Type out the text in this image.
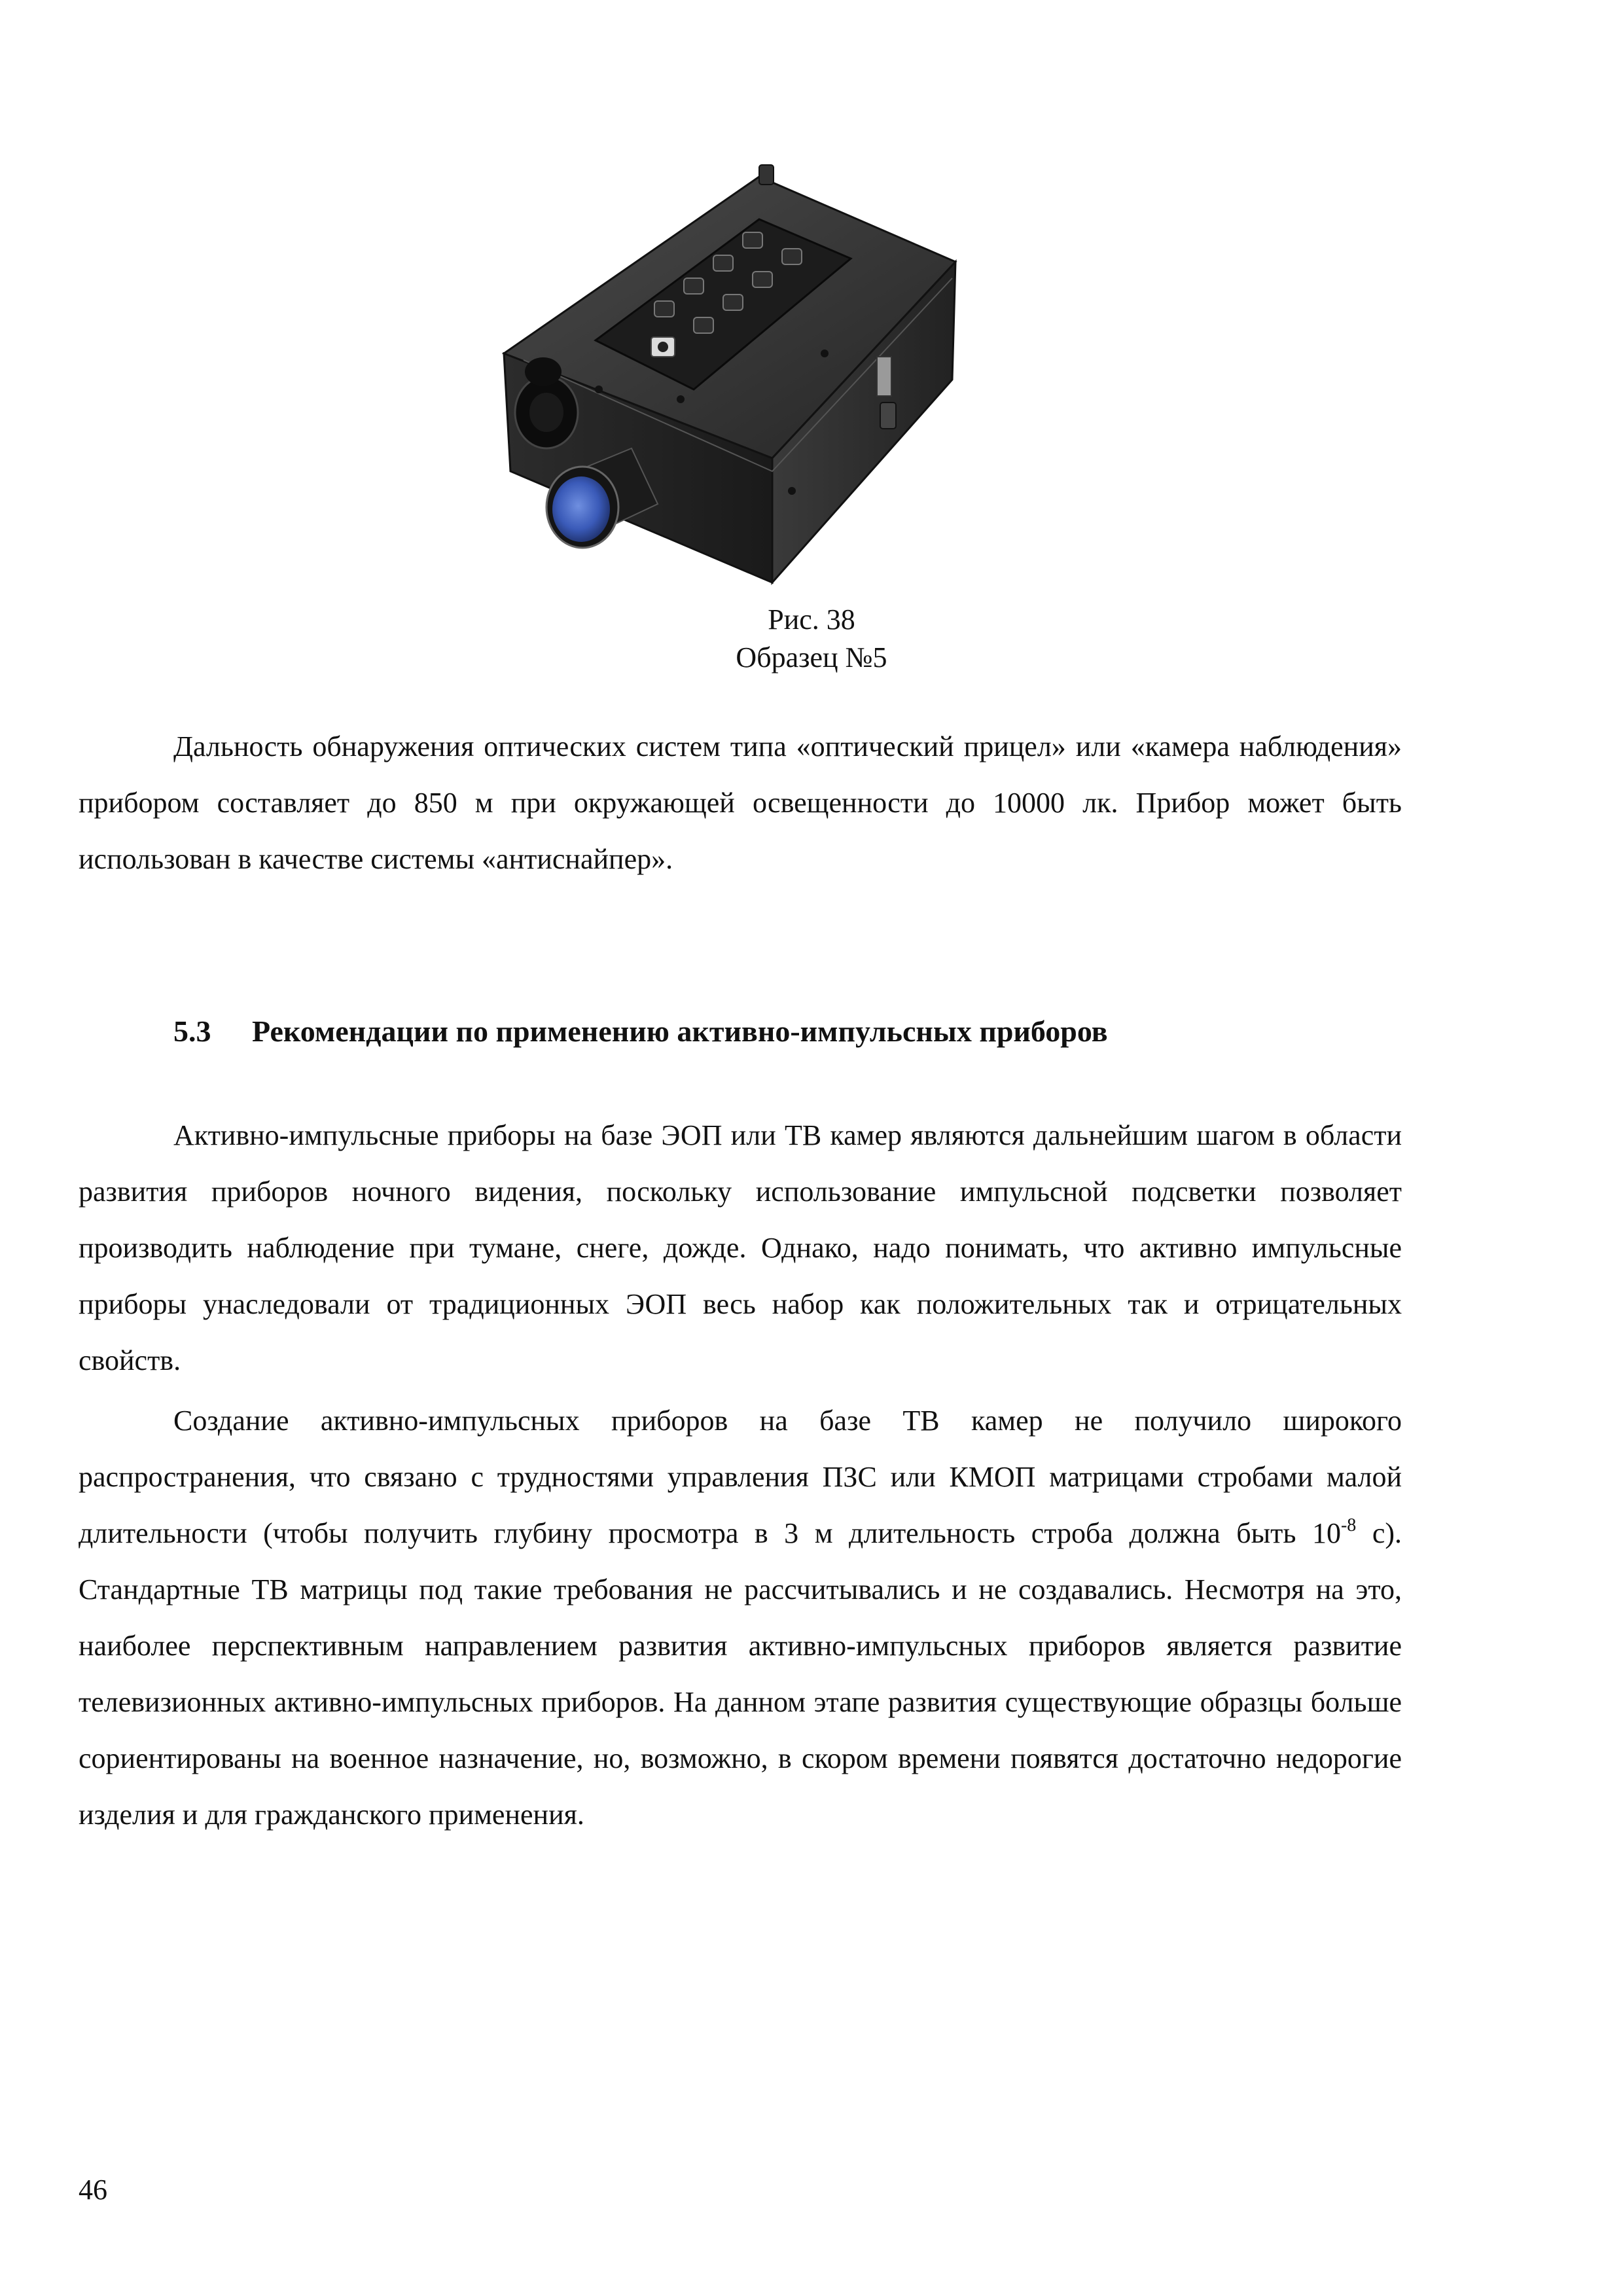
Рис. 38
Образец №5

Дальность обнаружения оптических систем типа «оптический прицел» или «камера наблюдения» прибором составляет до 850 м при окружающей освещенности до 10000 лк. Прибор может быть использован в качестве системы «антиснайпер».

5.3 Рекомендации по применению активно-импульсных приборов

Активно-импульсные приборы на базе ЭОП или ТВ камер являются дальнейшим шагом в области развития приборов ночного видения, поскольку использование импульсной подсветки позволяет производить наблюдение при тумане, снеге, дожде. Однако, надо понимать, что активно импульсные приборы унаследовали от традиционных ЭОП весь набор как положительных так и отрицательных свойств.

Создание активно-импульсных приборов на базе ТВ камер не получило широкого распространения, что связано с трудностями управления ПЗС или КМОП матрицами стробами малой длительности (чтобы получить глубину просмотра в 3 м длительность строба должна быть $10^{-8}$ с). Стандартные ТВ матрицы под такие требования не рассчитывались и не создавались. Несмотря на это, наиболее перспективным направлением развития активно-импульсных приборов является развитие телевизионных активно-импульсных приборов. На данном этапе развития существующие образцы больше сориентированы на военное назначение, но, возможно, в скором времени появятся достаточно недорогие изделия и для гражданского применения.

46
